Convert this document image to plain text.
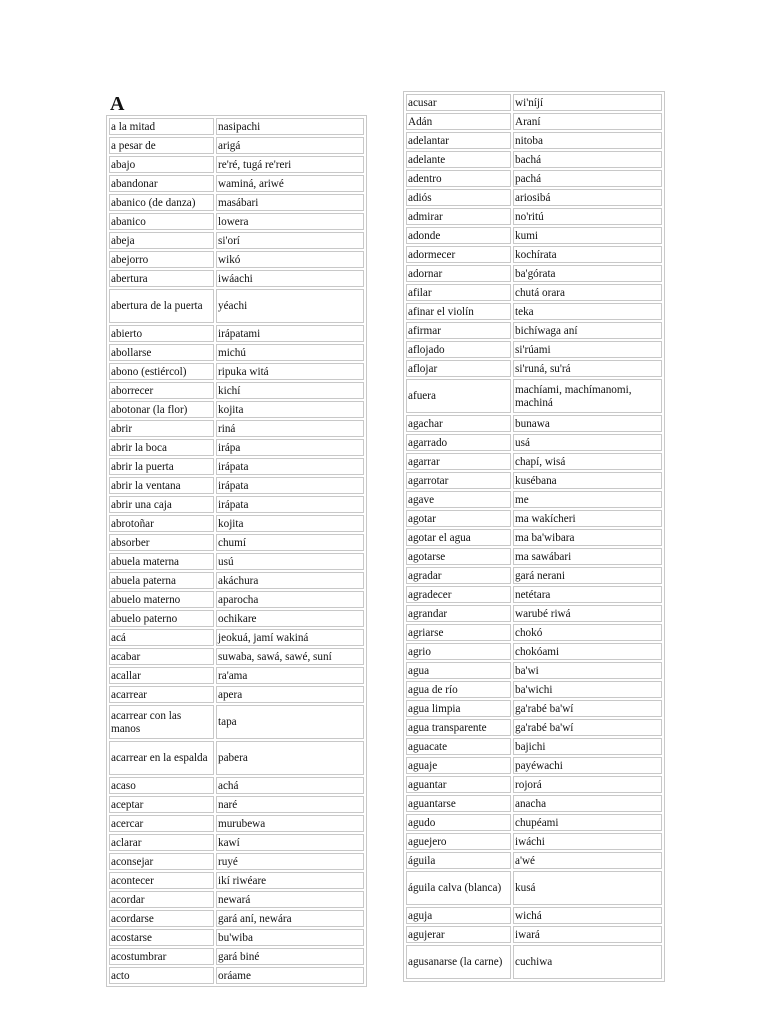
A
a la mitad	nasipachi
a pesar de	arigá
abajo	re'ré, tugá re'reri
abandonar	waminá, ariwé
abanico (de danza)	masábari
abanico	lowera
abeja	si'orí
abejorro	wikó
abertura	iwáachi
abertura de la puerta	yéachi
abierto	irápatami
abollarse	michú
abono (estiércol)	ripuka witá
aborrecer	kichí
abotonar (la flor)	kojita
abrir	riná
abrir la boca	irápa
abrir la puerta	irápata
abrir la ventana	irápata
abrir una caja	irápata
abrotoñar	kojita
absorber	chumí
abuela materna	usú
abuela paterna	akáchura
abuelo materno	aparocha
abuelo paterno	ochikare
acá	jeokuá, jamí wakiná
acabar	suwaba, sawá, sawé, suní
acallar	ra'ama
acarrear	apera
acarrear con las manos	tapa
acarrear en la espalda	pabera
acaso	achá
aceptar	naré
acercar	murubewa
aclarar	kawí
aconsejar	ruyé
acontecer	ikí riwéare
acordar	newará
acordarse	gará aní, newára
acostarse	bu'wiba
acostumbrar	gará biné
acto	oráame
acusar	wi'níjí
Adán	Araní
adelantar	nitoba
adelante	bachá
adentro	pachá
adiós	ariosibá
admirar	no'ritú
adonde	kumi
adormecer	kochírata
adornar	ba'górata
afilar	chutá orara
afinar el violín	teka
afirmar	bichíwaga aní
aflojado	si'rúami
aflojar	si'runá, su'rá
afuera	machíami, machímanomi, machiná
agachar	bunawa
agarrado	usá
agarrar	chapí, wisá
agarrotar	kusébana
agave	me
agotar	ma wakícheri
agotar el agua	ma ba'wibara
agotarse	ma sawábari
agradar	gará nerani
agradecer	netétara
agrandar	warubé riwá
agriarse	chokó
agrio	chokóami
agua	ba'wi
agua de río	ba'wichi
agua limpia	ga'rabé ba'wí
agua transparente	ga'rabé ba'wí
aguacate	bajichi
aguaje	payéwachi
aguantar	rojorá
aguantarse	anacha
agudo	chupéami
aguejero	iwáchi
águila	a'wé
águila calva (blanca)	kusá
aguja	wichá
agujerar	iwará
agusanarse (la carne)	cuchiwa
